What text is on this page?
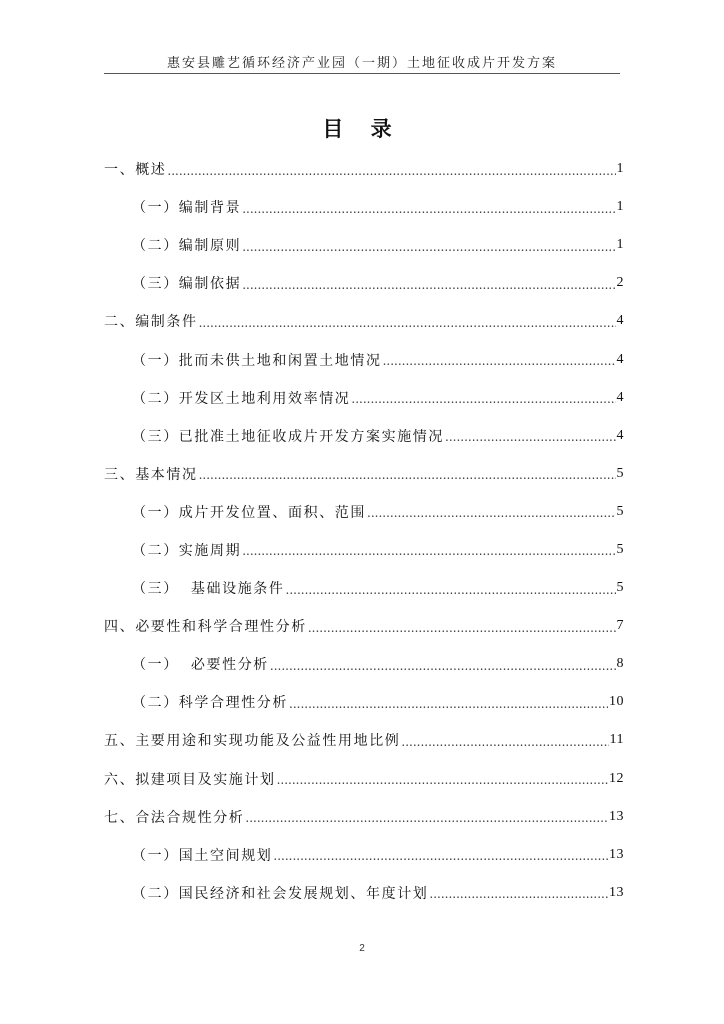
惠安县雕艺循环经济产业园（一期）土地征收成片开发方案
目 录
一、概述 .....	1
（一）编制背景 .....	1
（二）编制原则 .....	1
（三）编制依据 .....	2
二、编制条件 .....	4
（一）批而未供土地和闲置土地情况 .....	4
（二）开发区土地利用效率情况 .....	4
（三）已批准土地征收成片开发方案实施情况 .....	4
三、基本情况 .....	5
（一）成片开发位置、面积、范围 .....	5
（二）实施周期 .....	5
（三）  基础设施条件 .....	5
四、必要性和科学合理性分析 .....	7
（一）  必要性分析 .....	8
（二）科学合理性分析 .....	10
五、主要用途和实现功能及公益性用地比例 .....	11
六、拟建项目及实施计划 .....	12
七、合法合规性分析 .....	13
（一）国土空间规划 .....	13
（二）国民经济和社会发展规划、年度计划 .....	13
2
